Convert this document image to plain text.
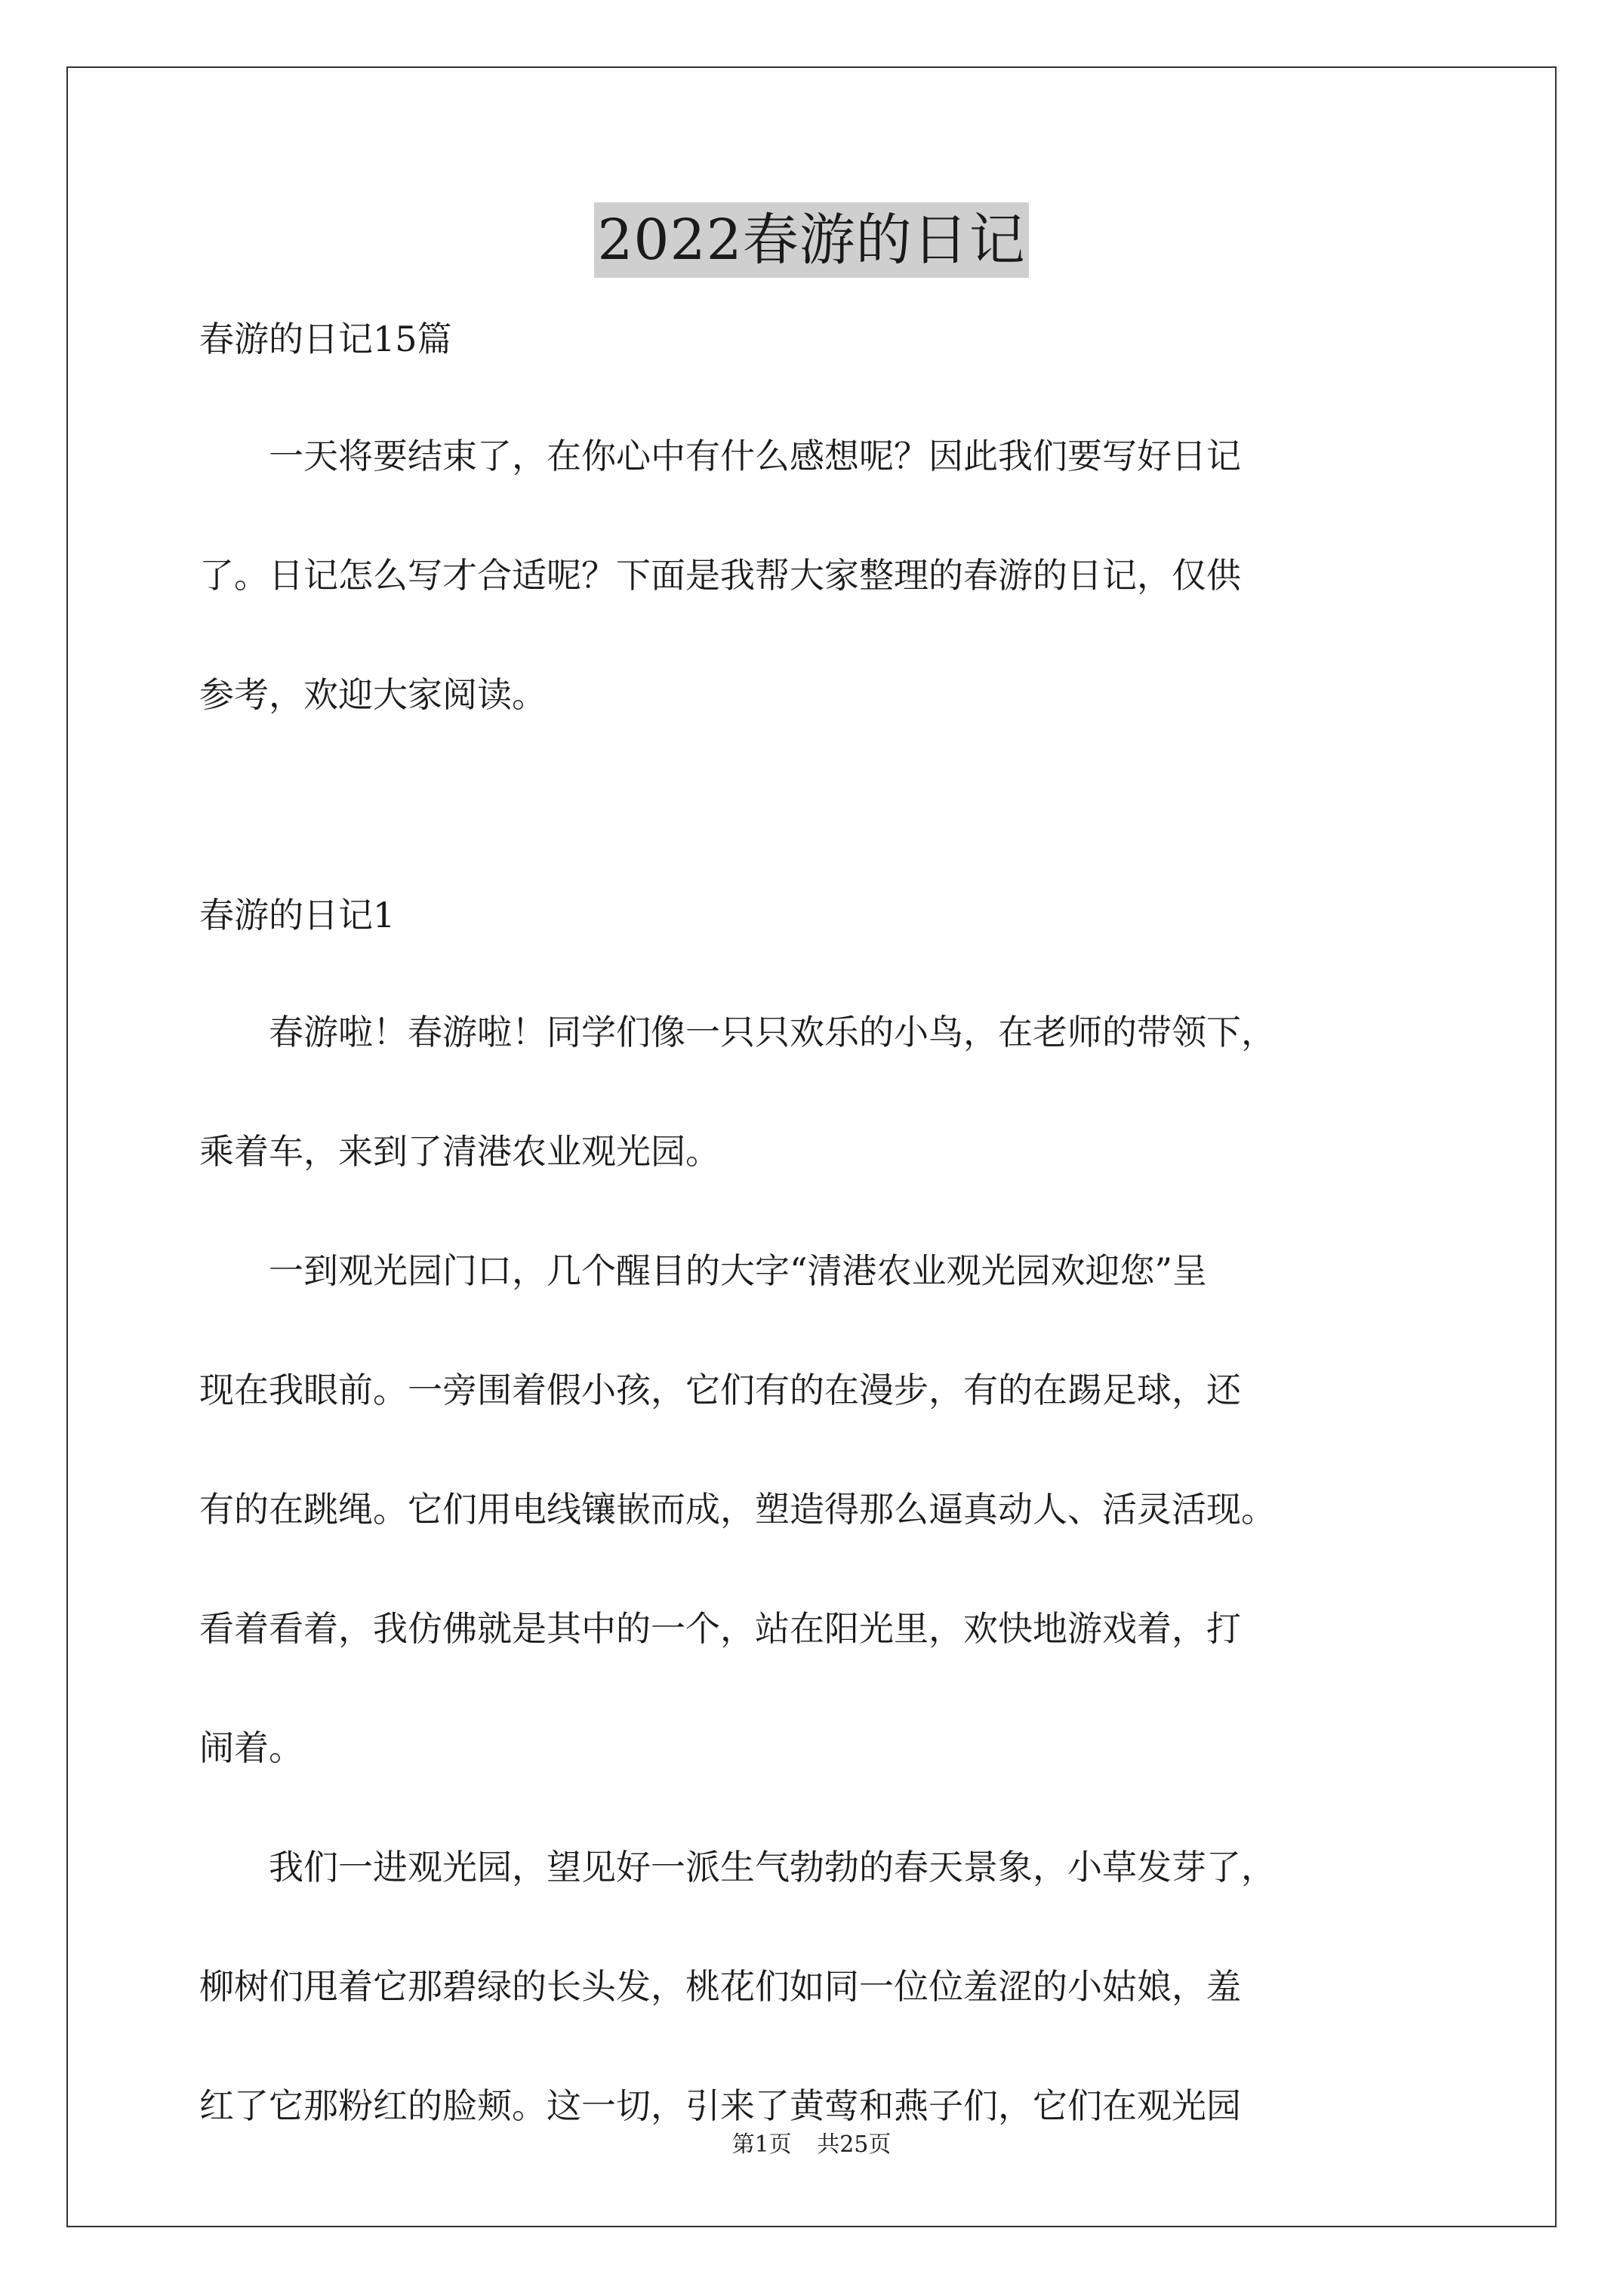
2022春游的日记
春游的日记15篇
　　一天将要结束了，在你心中有什么感想呢？因此我们要写好日记
了。日记怎么写才合适呢？下面是我帮大家整理的春游的日记，仅供
参考，欢迎大家阅读。
春游的日记1
　　春游啦！春游啦！同学们像一只只欢乐的小鸟，在老师的带领下，
乘着车，来到了清港农业观光园。
　　一到观光园门口，几个醒目的大字“清港农业观光园欢迎您”呈
现在我眼前。一旁围着假小孩，它们有的在漫步，有的在踢足球，还
有的在跳绳。它们用电线镶嵌而成，塑造得那么逼真动人、活灵活现。
看着看着，我仿佛就是其中的一个，站在阳光里，欢快地游戏着，打
闹着。
　　我们一进观光园，望见好一派生气勃勃的春天景象，小草发芽了，
柳树们甩着它那碧绿的长头发，桃花们如同一位位羞涩的小姑娘，羞
红了它那粉红的脸颊。这一切，引来了黄莺和燕子们，它们在观光园
第1页 共25页
